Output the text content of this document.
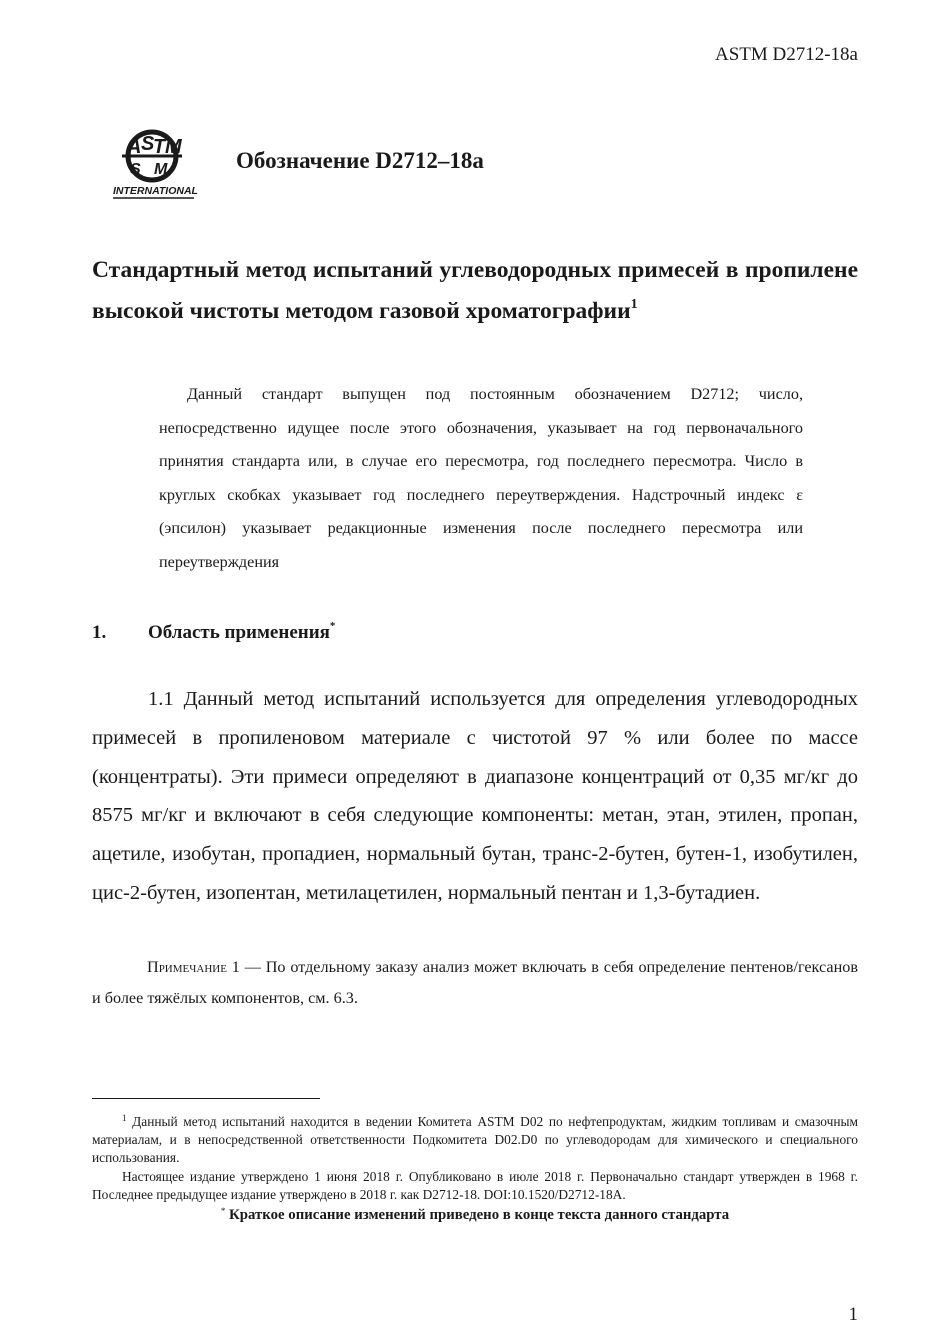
ASTM D2712-18a
A S T M
S M
INTERNATIONAL
Обозначение D2712–18a
Стандартный метод испытаний углеводородных примесей в пропилене высокой чистоты методом газовой хроматографии$^1$
Данный стандарт выпущен под постоянным обозначением D2712; число, непосредственно идущее после этого обозначения, указывает на год первоначального принятия стандарта или, в случае его пересмотра, год последнего пересмотра. Число в круглых скобках указывает год последнего переутверждения. Надстрочный индекс ε (эпсилон) указывает редакционные изменения после последнего пересмотра или переутверждения
1. Область применения*
1.1 Данный метод испытаний используется для определения углеводородных примесей в пропиленовом материале с чистотой 97 % или более по массе (концентраты). Эти примеси определяют в диапазоне концентраций от 0,35 мг/кг до 8575 мг/кг и включают в себя следующие компоненты: метан, этан, этилен, пропан, ацетиле, изобутан, пропадиен, нормальный бутан, транс-2-бутен, бутен-1, изобутилен, цис-2-бутен, изопентан, метилацетилен, нормальный пентан и 1,3-бутадиен.
Примечание 1 — По отдельному заказу анализ может включать в себя определение пентенов/гексанов и более тяжёлых компонентов, см. 6.3.

$^1$ Данный метод испытаний находится в ведении Комитета ASTM D02 по нефтепродуктам, жидким топливам и смазочным материалам, и в непосредственной ответственности Подкомитета D02.D0 по углеводородам для химического и специального использования.

Настоящее издание утверждено 1 июня 2018 г. Опубликовано в июле 2018 г. Первоначально стандарт утвержден в 1968 г. Последнее предыдущее издание утверждено в 2018 г. как D2712-18. DOI:10.1520/D2712-18A.

* Краткое описание изменений приведено в конце текста данного стандарта

1
